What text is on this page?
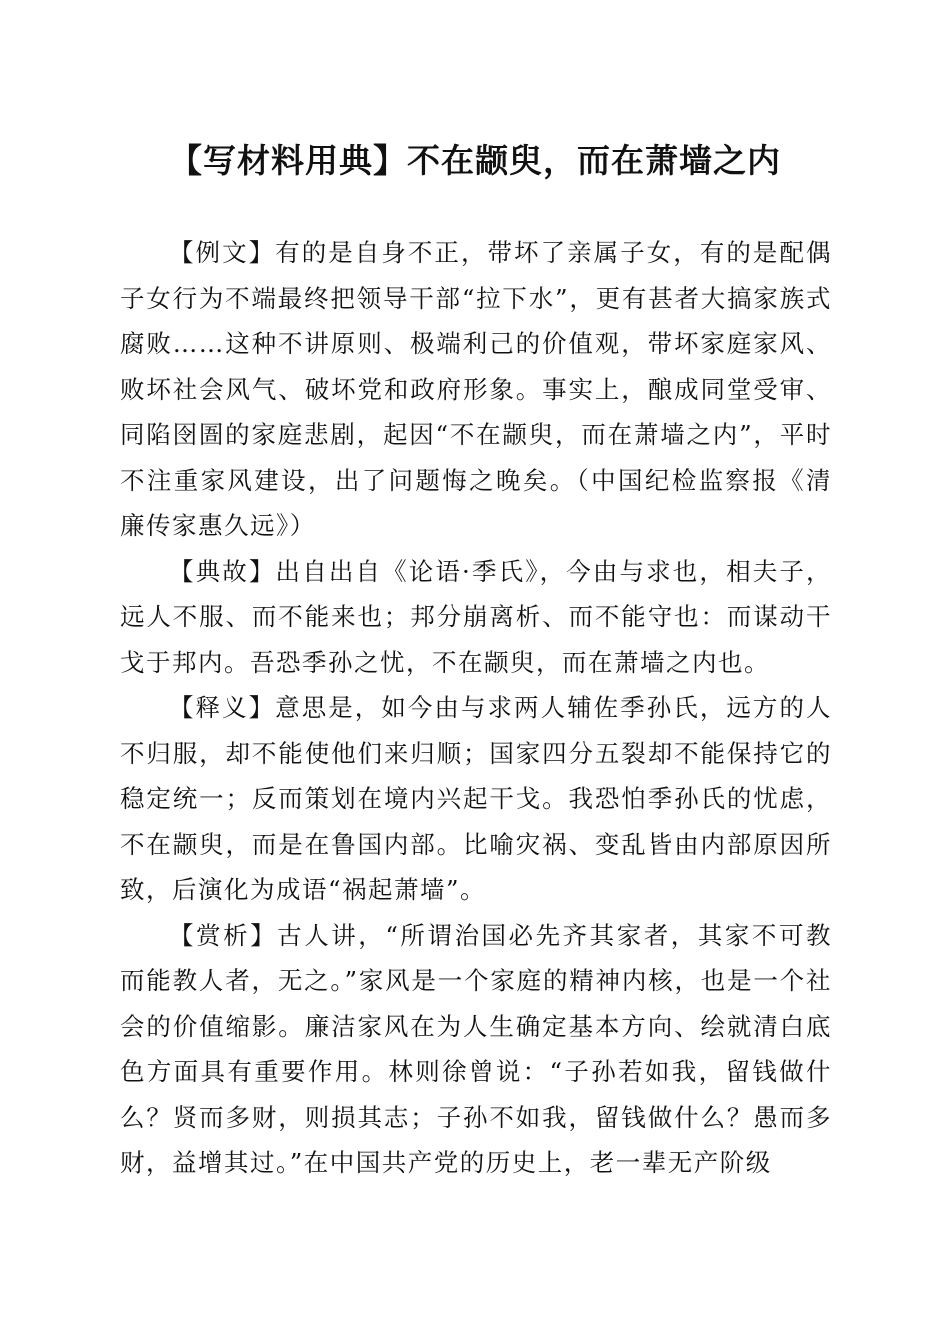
【写材料用典】不在颛臾，而在萧墙之内

【例文】有的是自身不正，带坏了亲属子女，有的是配偶子女行为不端最终把领导干部“拉下水”，更有甚者大搞家族式腐败……这种不讲原则、极端利己的价值观，带坏家庭家风、败坏社会风气、破坏党和政府形象。事实上，酿成同堂受审、同陷囹圄的家庭悲剧，起因“不在颛臾，而在萧墙之内”，平时不注重家风建设，出了问题悔之晚矣。（中国纪检监察报《清廉传家惠久远》）

【典故】出自出自《论语·季氏》，今由与求也，相夫子，远人不服、而不能来也；邦分崩离析、而不能守也：而谋动干戈于邦内。吾恐季孙之忧，不在颛臾，而在萧墙之内也。

【释义】意思是，如今由与求两人辅佐季孙氏，远方的人不归服，却不能使他们来归顺；国家四分五裂却不能保持它的稳定统一；反而策划在境内兴起干戈。我恐怕季孙氏的忧虑，不在颛臾，而是在鲁国内部。比喻灾祸、变乱皆由内部原因所致，后演化为成语“祸起萧墙”。

【赏析】古人讲，“所谓治国必先齐其家者，其家不可教而能教人者，无之。”家风是一个家庭的精神内核，也是一个社会的价值缩影。廉洁家风在为人生确定基本方向、绘就清白底色方面具有重要作用。林则徐曾说：“子孙若如我，留钱做什么？贤而多财，则损其志；子孙不如我，留钱做什么？愚而多财，益增其过。”在中国共产党的历史上，老一辈无产阶级
